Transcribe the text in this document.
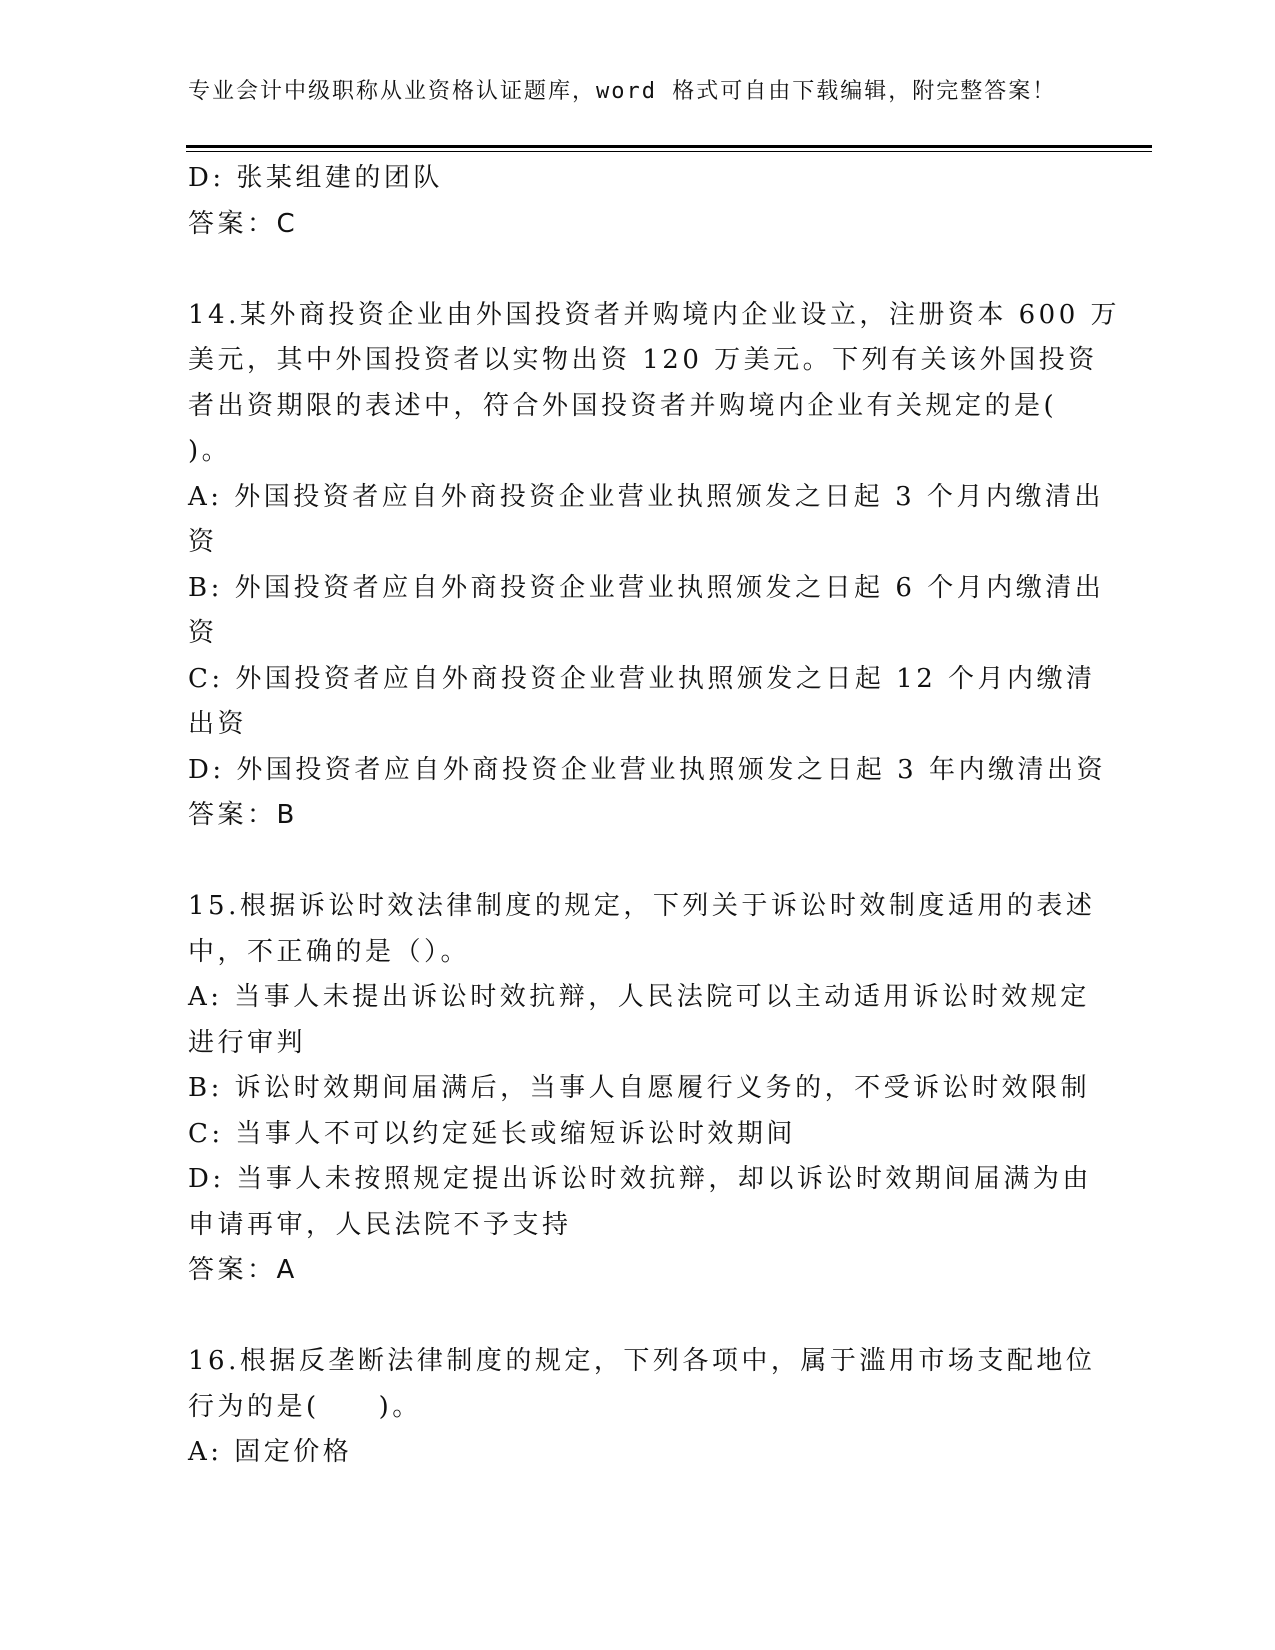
专业会计中级职称从业资格认证题库，word 格式可自由下载编辑，附完整答案！
D: 张某组建的团队
答案：C
14.某外商投资企业由外国投资者并购境内企业设立，注册资本 600 万
美元，其中外国投资者以实物出资 120 万美元。下列有关该外国投资
者出资期限的表述中，符合外国投资者并购境内企业有关规定的是(
)。
A: 外国投资者应自外商投资企业营业执照颁发之日起 3 个月内缴清出
资
B: 外国投资者应自外商投资企业营业执照颁发之日起 6 个月内缴清出
资
C: 外国投资者应自外商投资企业营业执照颁发之日起 12 个月内缴清
出资
D: 外国投资者应自外商投资企业营业执照颁发之日起 3 年内缴清出资
答案：B
15.根据诉讼时效法律制度的规定，下列关于诉讼时效制度适用的表述
中，不正确的是（）。
A: 当事人未提出诉讼时效抗辩，人民法院可以主动适用诉讼时效规定
进行审判
B: 诉讼时效期间届满后，当事人自愿履行义务的，不受诉讼时效限制
C: 当事人不可以约定延长或缩短诉讼时效期间
D: 当事人未按照规定提出诉讼时效抗辩，却以诉讼时效期间届满为由
申请再审，人民法院不予支持
答案：A
16.根据反垄断法律制度的规定，下列各项中，属于滥用市场支配地位
行为的是(　　)。
A: 固定价格
